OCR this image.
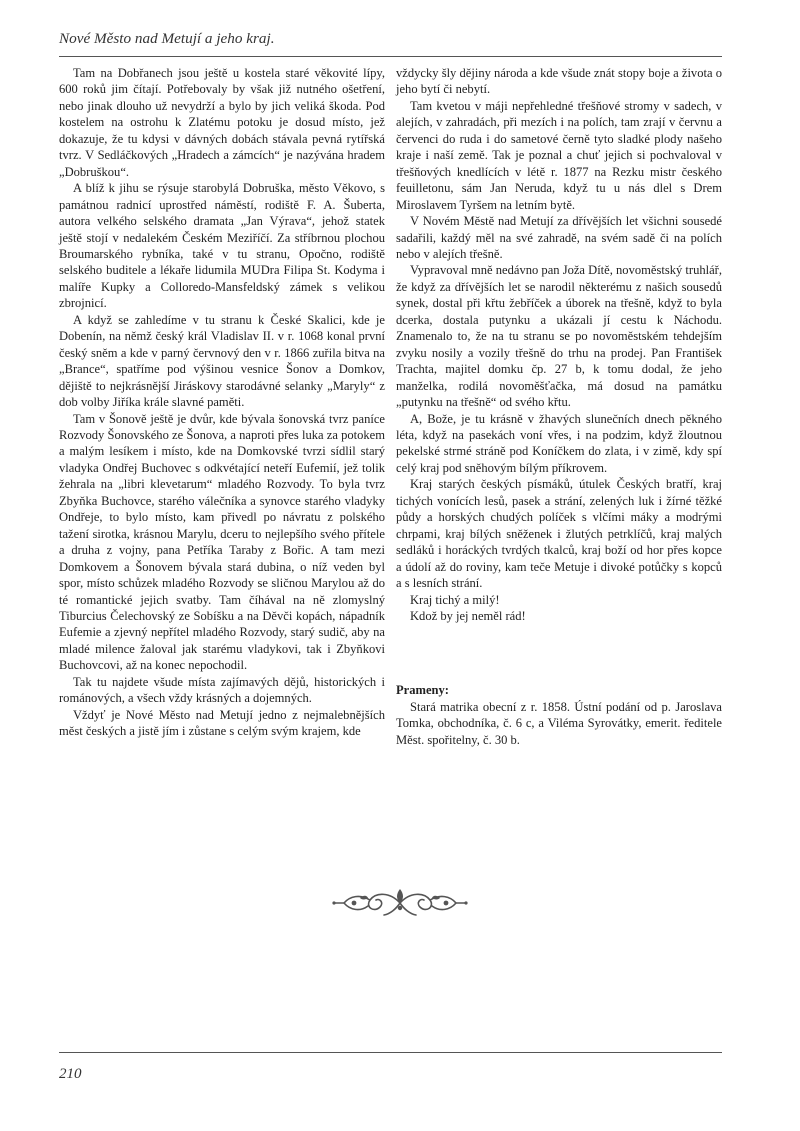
Nové Město nad Metují a jeho kraj.

Tam na Dobřanech jsou ještě u kostela staré věkovité lípy, 600 roků jim čítají. Potřebovaly by však již nutného ošetření, nebo jinak dlouho už nevydrží a bylo by jich veliká škoda. Pod kostelem na ostrohu k Zlatému potoku je dosud místo, jež dokazuje, že tu kdysi v dávných dobách stávala pevná rytířská tvrz. V Sedláčkových „Hradech a zámcích“ je nazývána hradem „Dobruškou“.

A blíž k jihu se rýsuje starobylá Dobruška, město Věkovo, s památnou radnicí uprostřed náměstí, rodiště F. A. Šuberta, autora velkého selského dramata „Jan Výrava“, jehož statek ještě stojí v nedalekém Českém Meziříčí. Za stříbrnou plochou Broumarského rybníka, také v tu stranu, Opočno, rodiště selského buditele a lékaře lidumila MUDra Filipa St. Kodyma i malíře Kupky a Colloredo-Mansfeldský zámek s velikou zbrojnicí.

A když se zahledíme v tu stranu k České Skalici, kde je Dobenín, na němž český král Vladislav II. v r. 1068 konal první český sněm a kde v parný červnový den v r. 1866 zuřila bitva na „Brance“, spatříme pod výšinou vesnice Šonov a Domkov, dějiště to nejkrásnější Jiráskovy starodávné selanky „Maryly“ z dob volby Jiříka krále slavné paměti.

Tam v Šonově ještě je dvůr, kde bývala šonovská tvrz paníce Rozvody Šonovského ze Šonova, a naproti přes luka za potokem a malým lesíkem i místo, kde na Domkovské tvrzi sídlil starý vladyka Ondřej Buchovec s odkvétající neteří Eufemií, jež tolik žehrala na „libri klevetarum“ mladého Rozvody. To byla tvrz Zbyňka Buchovce, starého válečníka a synovce starého vladyky Ondřeje, to bylo místo, kam přivedl po návratu z polského tažení sirotka, krásnou Marylu, dceru to nejlepšího svého přítele a druha z vojny, pana Petříka Taraby z Bořic. A tam mezi Domkovem a Šonovem bývala stará dubina, o níž veden byl spor, místo schůzek mladého Rozvody se sličnou Marylou až do té romantické jejich svatby. Tam číhával na ně zlomyslný Tiburcius Čelechovský ze Sobíšku a na Děvči kopách, nápadník Eufemie a zjevný nepřítel mladého Rozvody, starý sudič, aby na mladé milence žaloval jak starému vladykovi, tak i Zbyňkovi Buchovcovi, až na konec nepochodil.

Tak tu najdete všude místa zajímavých dějů, historických i románových, a všech vždy krásných a dojemných.

Vždyť je Nové Město nad Metují jedno z nejmalebnějších měst českých a jistě jím i zůstane s celým svým krajem, kde

vždycky šly dějiny národa a kde všude znát stopy boje a života o jeho bytí či nebytí.

Tam kvetou v máji nepřehledné třešňové stromy v sadech, v alejích, v zahradách, při mezích i na polích, tam zrají v červnu a červenci do ruda i do sametové černě tyto sladké plody našeho kraje i naší země. Tak je poznal a chuť jejich si pochvaloval v třešňových knedlících v létě r. 1877 na Rezku mistr českého feuilletonu, sám Jan Neruda, když tu u nás dlel s Drem Miroslavem Tyršem na letním bytě.

V Novém Městě nad Metují za dřívějších let všichni sousedé sadařili, každý měl na své zahradě, na svém sadě či na polích nebo v alejích třešně.

Vypravoval mně nedávno pan Joža Dítě, novoměstský truhlář, že když za dřívějších let se narodil některému z našich sousedů synek, dostal při křtu žebříček a úborek na třešně, když to byla dcerka, dostala putynku a ukázali jí cestu k Náchodu. Znamenalo to, že na tu stranu se po novoměstském tehdejším zvyku nosily a vozily třešně do trhu na prodej. Pan František Trachta, majitel domku čp. 27 b, k tomu dodal, že jeho manželka, rodilá novoměšťačka, má dosud na památku „putynku na třešně“ od svého křtu.

A, Bože, je tu krásně v žhavých slunečních dnech pěkného léta, když na pasekách voní vřes, i na podzim, když žloutnou pekelské strmé stráně pod Koníčkem do zlata, i v zimě, kdy spí celý kraj pod sněhovým bílým příkrovem.

Kraj starých českých písmáků, útulek Českých bratří, kraj tichých vonících lesů, pasek a strání, zelených luk i žírné těžké půdy a horských chudých políček s vlčími máky a modrými chrpami, kraj bílých sněženek i žlutých petrklíčů, kraj malých sedláků i horáckých tvrdých tkalců, kraj boží od hor přes kopce a údolí až do roviny, kam teče Metuje i divoké potůčky s kopců a s lesních strání.

Kraj tichý a milý!

Kdož by jej neměl rád!

Prameny:

Stará matrika obecní z r. 1858. Ústní podání od p. Jaroslava Tomka, obchodníka, č. 6 c, a Viléma Syrovátky, emerit. ředitele Měst. spořitelny, č. 30 b.

210
